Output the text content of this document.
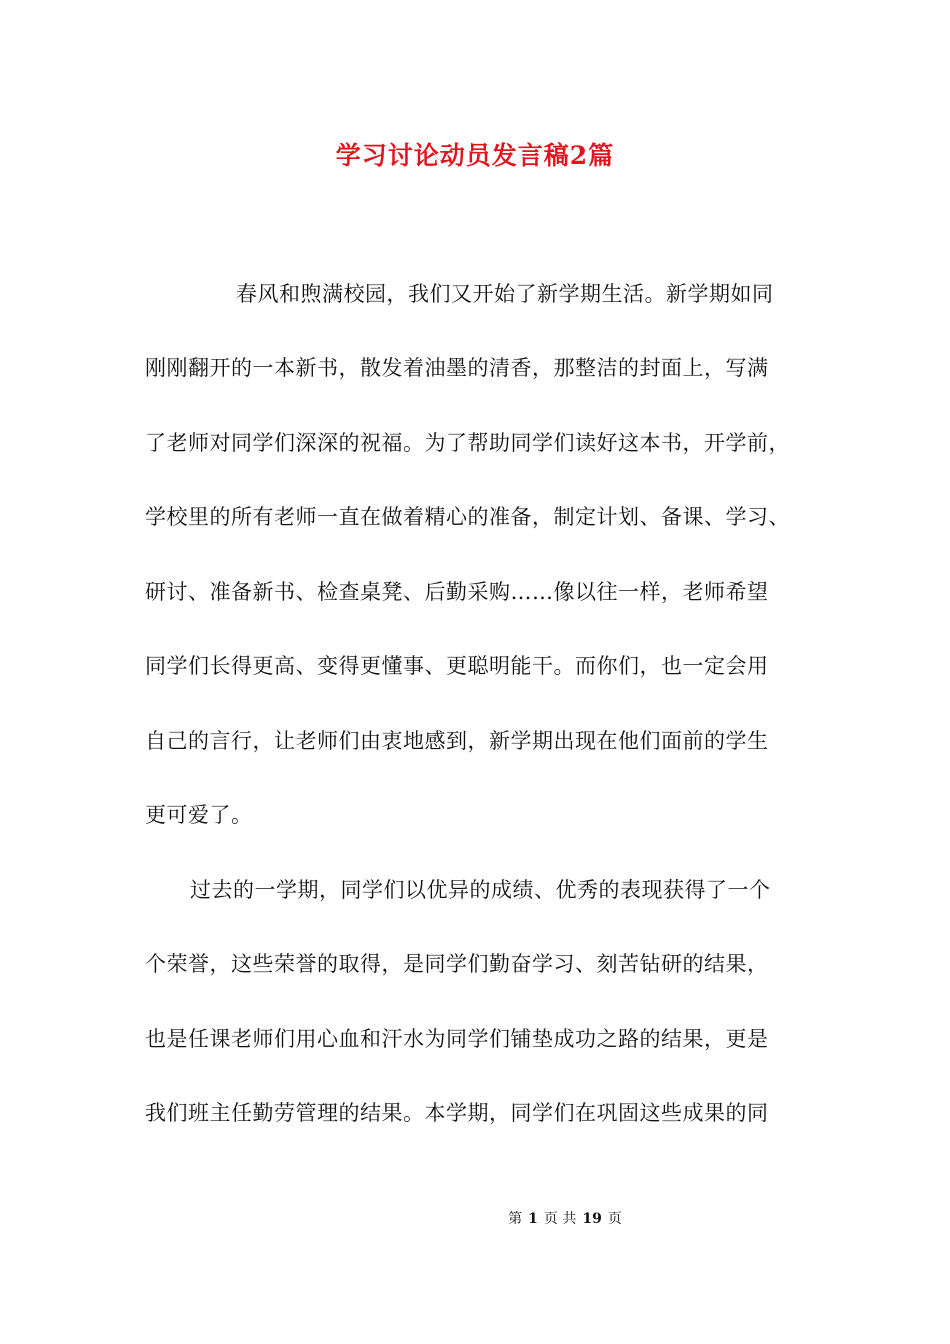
学习讨论动员发言稿2篇
春风和煦满校园，我们又开始了新学期生活。新学期如同
刚刚翻开的一本新书，散发着油墨的清香，那整洁的封面上，写满
了老师对同学们深深的祝福。为了帮助同学们读好这本书，开学前，
学校里的所有老师一直在做着精心的准备，制定计划、备课、学习、
研讨、准备新书、检查桌凳、后勤采购……像以往一样，老师希望
同学们长得更高、变得更懂事、更聪明能干。而你们，也一定会用
自己的言行，让老师们由衷地感到，新学期出现在他们面前的学生
更可爱了。
过去的一学期，同学们以优异的成绩、优秀的表现获得了一个
个荣誉，这些荣誉的取得，是同学们勤奋学习、刻苦钻研的结果，
也是任课老师们用心血和汗水为同学们铺垫成功之路的结果，更是
我们班主任勤劳管理的结果。本学期，同学们在巩固这些成果的同
第 1 页 共 19 页
